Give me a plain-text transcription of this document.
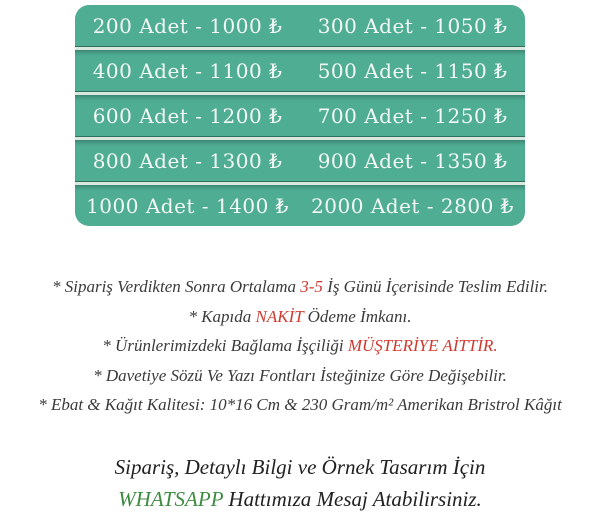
200 Adet - 1000 ₺	300 Adet - 1050 ₺
400 Adet - 1100 ₺	500 Adet - 1150 ₺
600 Adet - 1200 ₺	700 Adet - 1250 ₺
800 Adet - 1300 ₺	900 Adet - 1350 ₺
1000 Adet - 1400 ₺	2000 Adet - 2800 ₺
* Sipariş Verdikten Sonra Ortalama 3-5 İş Günü İçerisinde Teslim Edilir.
* Kapıda NAKİT Ödeme İmkanı.
* Ürünlerimizdeki Bağlama İşçiliği MÜŞTERİYE AİTTİR.
* Davetiye Sözü Ve Yazı Fontları İsteğinize Göre Değişebilir.
* Ebat & Kağıt Kalitesi: 10*16 Cm & 230 Gram/m² Amerikan Bristrol Kâğıt
Sipariş, Detaylı Bilgi ve Örnek Tasarım İçin
WHATSAPP Hattımıza Mesaj Atabilirsiniz.
